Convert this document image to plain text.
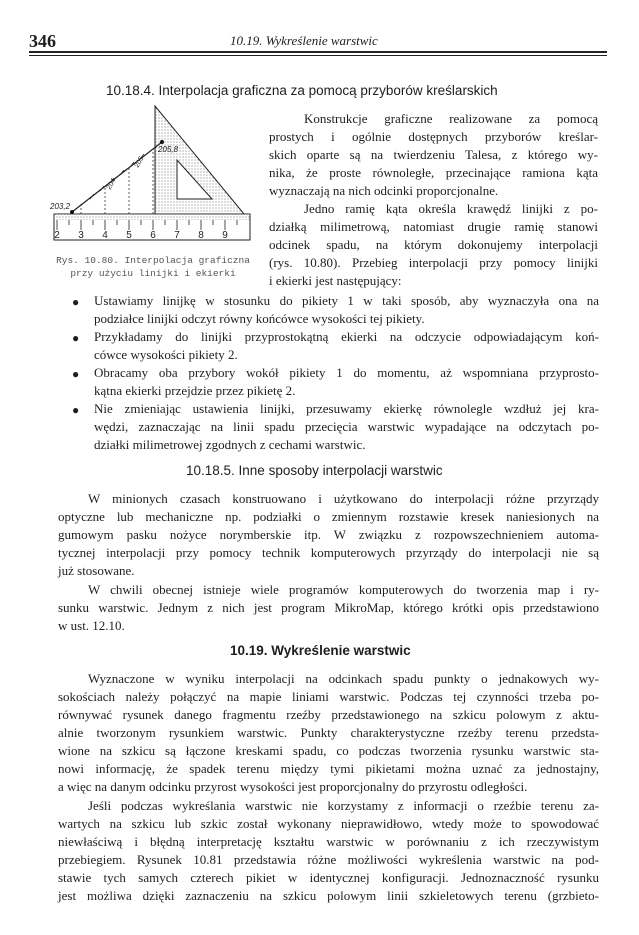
346	10.19. Wykreślenie warstwic
10.18.4. Interpolacja graficzna za pomocą przyborów kreślarskich
203,2
205,8
204
205
2 3 4 5 6 7 8 9
Rys. 10.80. Interpolacja graficzna
przy użyciu linijki i ekierki
Konstrukcje graficzne realizowane za pomocą
prostych i ogólnie dostępnych przyborów kreślar-
skich oparte są na twierdzeniu Talesa, z którego wy-
nika, że proste równoległe, przecinające ramiona kąta
wyznaczają na nich odcinki proporcjonalne.
Jedno ramię kąta określa krawędź linijki z po-
działką milimetrową, natomiast drugie ramię stanowi
odcinek spadu, na którym dokonujemy interpolacji
(rys. 10.80). Przebieg interpolacji przy pomocy linijki
i ekierki jest następujący:
● Ustawiamy linijkę w stosunku do pikiety 1 w taki sposób, aby wyznaczyła ona na
podziałce linijki odczyt równy końcówce wysokości tej pikiety.
● Przykładamy do linijki przyprostokątną ekierki na odczycie odpowiadającym koń-
cówce wysokości pikiety 2.
● Obracamy oba przybory wokół pikiety 1 do momentu, aż wspomniana przyprosto-
kątna ekierki przejdzie przez pikietę 2.
● Nie zmieniając ustawienia linijki, przesuwamy ekierkę równolegle wzdłuż jej kra-
wędzi, zaznaczając na linii spadu przecięcia warstwic wypadające na odczytach po-
działki milimetrowej zgodnych z cechami warstwic.
10.18.5. Inne sposoby interpolacji warstwic
W minionych czasach konstruowano i użytkowano do interpolacji różne przyrządy
optyczne lub mechaniczne np. podziałki o zmiennym rozstawie kresek naniesionych na
gumowym pasku nożyce norymberskie itp. W związku z rozpowszechnieniem automa-
tycznej interpolacji przy pomocy technik komputerowych przyrządy do interpolacji nie są
już stosowane.
W chwili obecnej istnieje wiele programów komputerowych do tworzenia map i ry-
sunku warstwic. Jednym z nich jest program MikroMap, którego krótki opis przedstawiono
w ust. 12.10.
10.19. Wykreślenie warstwic
Wyznaczone w wyniku interpolacji na odcinkach spadu punkty o jednakowych wy-
sokościach należy połączyć na mapie liniami warstwic. Podczas tej czynności trzeba po-
równywać rysunek danego fragmentu rzeźby przedstawionego na szkicu polowym z aktu-
alnie tworzonym rysunkiem warstwic. Punkty charakterystyczne rzeźby terenu przedsta-
wione na szkicu są łączone kreskami spadu, co podczas tworzenia rysunku warstwic sta-
nowi informację, że spadek terenu między tymi pikietami można uznać za jednostajny,
a więc na danym odcinku przyrost wysokości jest proporcjonalny do przyrostu odległości.
Jeśli podczas wykreślania warstwic nie korzystamy z informacji o rzeźbie terenu za-
wartych na szkicu lub szkic został wykonany nieprawidłowo, wtedy może to spowodować
niewłaściwą i błędną interpretację kształtu warstwic w porównaniu z ich rzeczywistym
przebiegiem. Rysunek 10.81 przedstawia różne możliwości wykreślenia warstwic na pod-
stawie tych samych czterech pikiet w identycznej konfiguracji. Jednoznaczność rysunku
jest możliwa dzięki zaznaczeniu na szkicu polowym linii szkieletowych terenu (grzbieto-
